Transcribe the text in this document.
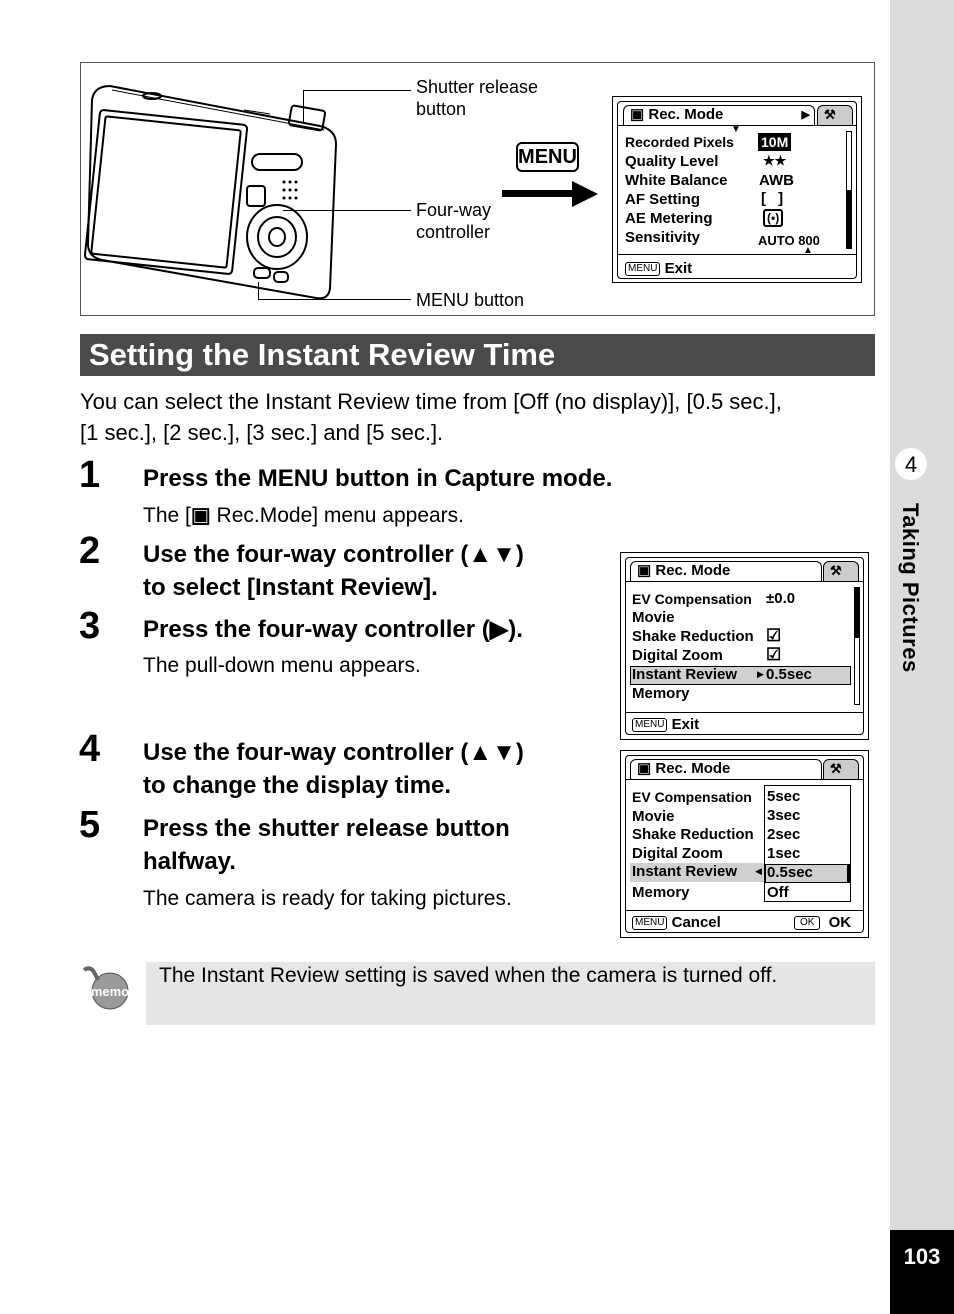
4
Taking Pictures
103
Shutter release
button
Four-way
controller
MENU button
MENU
▣ Rec. Mode	▶	⚒
▼
Recorded Pixels 10M
Quality Level	★★
White Balance AWB
AF Setting	[ ]
AE Metering	(•)
Sensitivity	AUTO 800
▲
MENU Exit
Setting the Instant Review Time
You can select the Instant Review time from [Off (no display)], [0.5 sec.],
[1 sec.], [2 sec.], [3 sec.] and [5 sec.].
1 Press the MENU button in Capture mode.
The [▣ Rec.Mode] menu appears.
2 Use the four-way controller (▲▼)
to select [Instant Review].
3 Press the four-way controller (▶).
The pull-down menu appears.
4 Use the four-way controller (▲▼)
to change the display time.
5 Press the shutter release button
halfway.
The camera is ready for taking pictures.
▣ Rec. Mode	⚒
EV Compensation ±0.0
Movie
Shake Reduction ☑
Digital Zoom	☑
Instant Review ▶ 0.5sec
Memory
MENU Exit
▣ Rec. Mode	⚒
EV Compensation
Movie
Shake Reduction
Digital Zoom
Instant Review ◀
Memory
5sec
3sec
2sec
1sec
0.5sec
Off
MENU Cancel	OK OK
memo
The Instant Review setting is saved when the camera is turned off.
